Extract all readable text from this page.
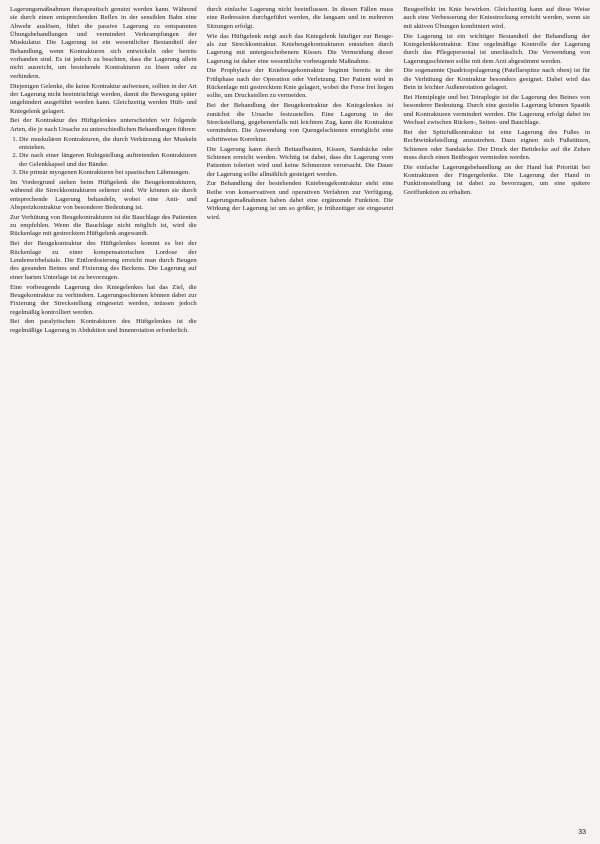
Lagerungsmaßnahmen therapeutisch genutzt werden kann. Während sie durch einen entsprechenden Reflex in der sensiblen Bahn eine Abwehr auslösen, führt die passive Lagerung zu entspannten Übungsbehandlungen und vermindert Verkrampfungen der Muskulatur. Die Lagerung ist ein wesentlicher Bestandteil der Behandlung, wenn Kontrakturen sich entwickeln oder bereits vorhanden sind. Es ist jedoch zu beachten, dass die Lagerung allein nicht ausreicht, um bestehende Kontrakturen zu lösen oder zu verhindern.

Diejenigen Gelenke, die keine Kontraktur aufweisen, sollten in der Art der Lagerung nicht beeinträchtigt werden, damit die Bewegung später ungehindert ausgeführt werden kann. Gleichzeitig werden Hüft- und Kniegelenk gelagert.

Bei der Kontraktur des Hüftgelenkes unterscheiden wir folgende Arten, die je nach Ursache zu unterschiedlichen Behandlungen führen:

1. Die muskulären Kontrakturen, die durch Verkürzung der Muskeln entstehen.
2. Die nach einer längeren Ruhigstellung auftretenden Kontrakturen der Gelenkkapsel und der Bänder.
3. Die primär myogenen Kontrakturen bei spastischen Lähmungen.

Im Vordergrund stehen beim Hüftgelenk die Beugekontrakturen, während die Streckkontrakturen seltener sind. Wir können sie durch entsprechende Lagerung behandeln, wobei eine Anti- und Abspreizkontraktur von besonderer Bedeutung ist.

Zur Verhütung von Beugekontrakturen ist die Bauchlage des Patienten zu empfehlen. Wenn die Bauchlage nicht möglich ist, wird die Rückenlage mit gestrecktem Hüftgelenk angewandt.

Bei der Beugekontraktur des Hüftgelenkes kommt es bei der Rückenlage zu einer kompensatorischen Lordose der Lendenwirbelsäule. Die Entlordosierung erreicht man durch Beugen des gesunden Beines und Fixierung des Beckens. Die Lagerung auf einer harten Unterlage ist zu bevorzugen.

Eine vorbeugende Lagerung des Kniegelenkes hat das Ziel, die Beugekontraktur zu verhindern. Lagerungsschienen können dabei zur Fixierung der Streckstellung eingesetzt werden, müssen jedoch regelmäßig kontrolliert werden.

Bei den paralytischen Kontrakturen des Hüftgelenkes ist die regelmäßige Lagerung in Abduktion und Innenrotation erforderlich.

durch einfache Lagerung nicht beeinflussen. In diesen Fällen muss eine Redression durchgeführt werden, die langsam und in mehreren Sitzungen erfolgt.

Wie das Hüftgelenk neigt auch das Kniegelenk häufiger zur Beuge- als zur Streckkontraktur. Kniebeugekontrakturen entstehen durch Lagerung mit untergeschobenem Kissen. Die Vermeidung dieser Lagerung ist daher eine wesentliche vorbeugende Maßnahme.

Die Prophylaxe der Kniebeugekontraktur beginnt bereits in der Frühphase nach der Operation oder Verletzung. Der Patient wird in Rückenlage mit gestrecktem Knie gelagert, wobei die Ferse frei liegen sollte, um Druckstellen zu vermeiden.

Bei der Behandlung der Beugekontraktur des Kniegelenkes ist zunächst die Ursache festzustellen. Eine Lagerung in der Streckstellung, gegebenenfalls mit leichtem Zug, kann die Kontraktur vermindern. Die Anwendung von Quengelschienen ermöglicht eine schrittweise Korrektur.

Die Lagerung kann durch Bettaufbauten, Kissen, Sandsäcke oder Schienen erreicht werden. Wichtig ist dabei, dass die Lagerung vom Patienten toleriert wird und keine Schmerzen verursacht. Die Dauer der Lagerung sollte allmählich gesteigert werden.

Zur Behandlung der bestehenden Kniebeugekontraktur steht eine Reihe von konservativen und operativen Verfahren zur Verfügung. Lagerungsmaßnahmen haben dabei eine ergänzende Funktion. Die Wirkung der Lagerung ist um so größer, je frühzeitiger sie eingesetzt wird.

Beugeeffekt im Knie bewirken. Gleichzeitig kann auf diese Weise auch eine Verbesserung der Kniestreckung erreicht werden, wenn sie mit aktiven Übungen kombiniert wird.

Die Lagerung ist ein wichtiger Bestandteil der Behandlung der Kniegelenkkontraktur. Eine regelmäßige Kontrolle der Lagerung durch das Pflegepersonal ist unerlässlich. Die Verwendung von Lagerungsschienen sollte mit dem Arzt abgestimmt werden.

Die sogenannte Quadricepslagerung (Patellarspitze nach oben) ist für die Verhütung der Kontraktur besonders geeignet. Dabei wird das Bein in leichter Außenrotation gelagert.

Bei Hemiplegie und bei Tetraplegie ist die Lagerung des Beines von besonderer Bedeutung. Durch eine gezielte Lagerung können Spastik und Kontrakturen vermindert werden. Die Lagerung erfolgt dabei im Wechsel zwischen Rücken-, Seiten- und Bauchlage.

Bei der Spitzfußkontraktur ist eine Lagerung des Fußes in Rechtwinkelstellung anzustreben. Dazu eignen sich Fußstützen, Schienen oder Sandsäcke. Der Druck der Bettdecke auf die Zehen muss durch einen Bettbogen vermieden werden.

Die einfache Lagerungsbehandlung an der Hand hat Priorität bei Kontrakturen der Fingergelenke. Die Lagerung der Hand in Funktionsstellung ist dabei zu bevorzugen, um eine spätere Greiffunktion zu erhalten.

33
